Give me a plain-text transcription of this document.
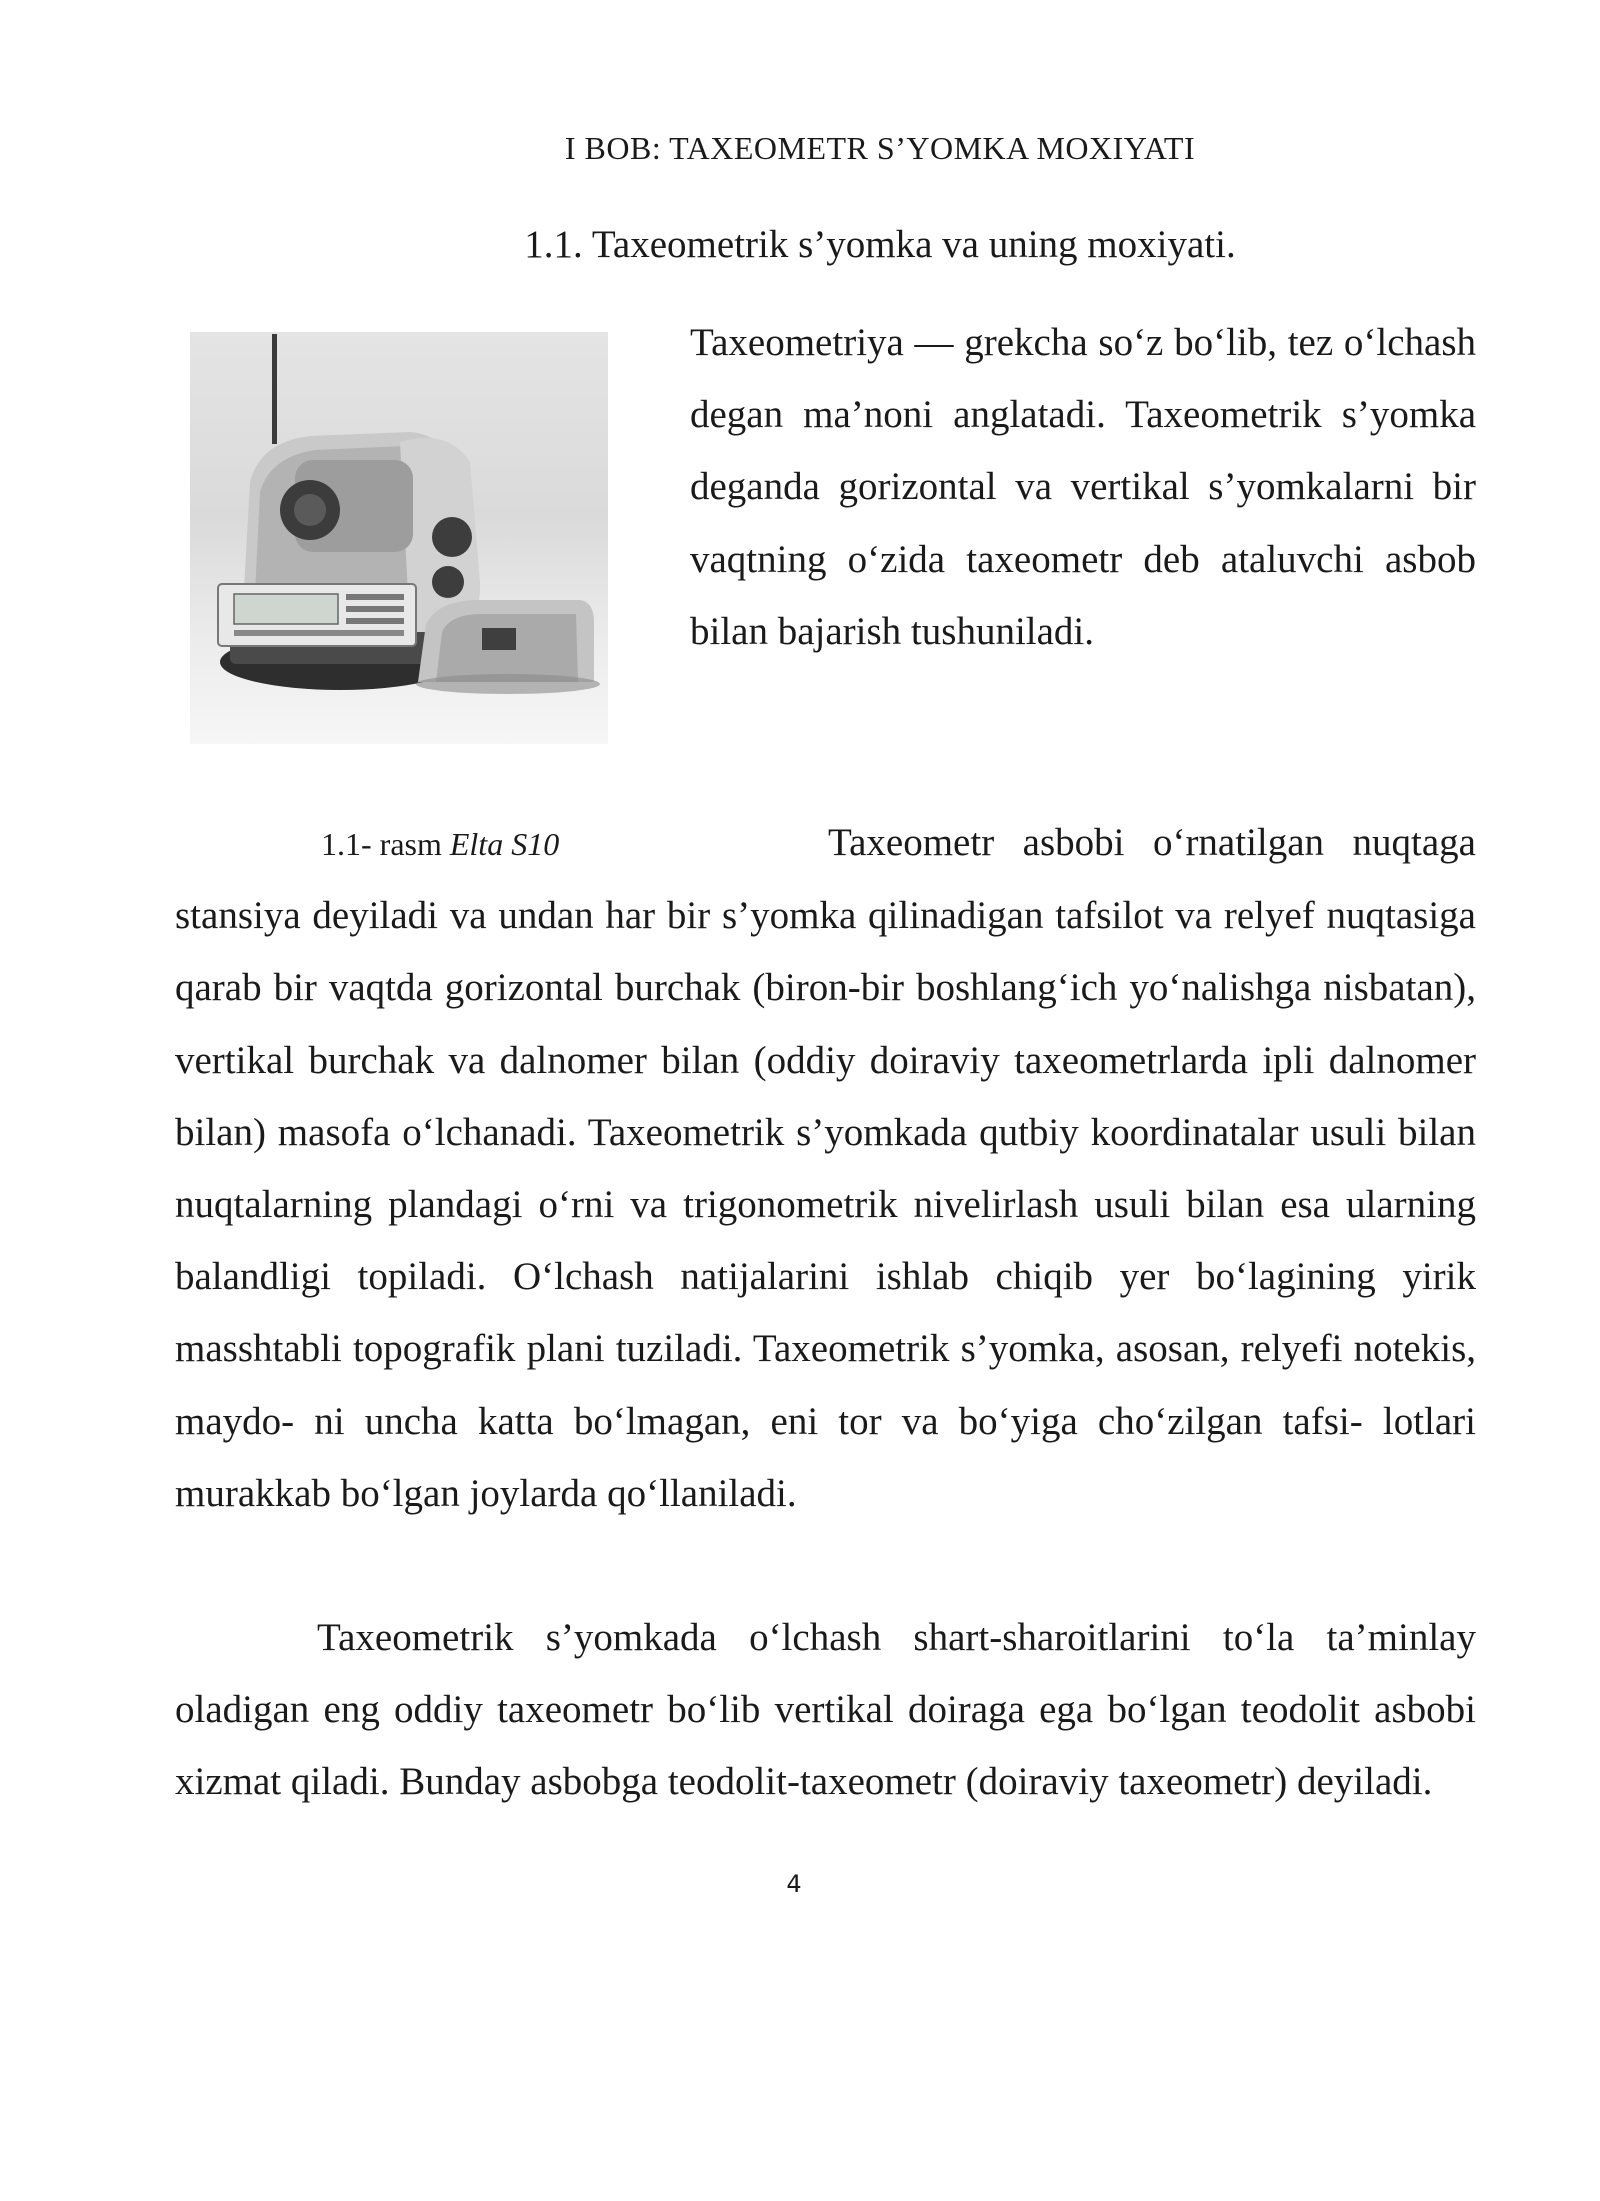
I BOB: TAXEOMETR S’YOMKA MOXIYATI
1.1. Taxeometrik s’yomka va uning moxiyati.

Taxeometriya — grekcha so‘z bo‘lib, tez o‘lchash degan ma’noni anglatadi. Taxeometrik s’yomka deganda gorizontal va vertikal s’yomkalarni bir vaqtning o‘zida taxeometr deb ataluvchi asbob bilan bajarish tushuniladi.

1.1- rasm Elta S10	Taxeometr asbobi o‘rnatilgan nuqtaga stansiya deyiladi va undan har bir s’yomka qilinadigan tafsilot va relyef nuqtasiga qarab bir vaqtda gorizontal burchak (biron-bir boshlang‘ich yo‘nalishga nisbatan), vertikal burchak va dalnomer bilan (oddiy doiraviy taxeometrlarda ipli dalnomer bilan) masofa o‘lchanadi. Taxeometrik s’yomkada qutbiy koordinatalar usuli bilan nuqtalarning plandagi o‘rni va trigonometrik nivelirlash usuli bilan esa ularning balandligi topiladi. O‘lchash natijalarini ishlab chiqib yer bo‘lagining yirik masshtabli topografik plani tuziladi. Taxeometrik s’yomka, asosan, relyefi notekis, maydo- ni uncha katta bo‘lmagan, eni tor va bo‘yiga cho‘zilgan tafsi- lotlari murakkab bo‘lgan joylarda qo‘llaniladi.

Taxeometrik s’yomkada o‘lchash shart-sharoitlarini to‘la ta’minlay oladigan eng oddiy taxeometr bo‘lib vertikal doiraga ega bo‘lgan teodolit asbobi xizmat qiladi. Bunday asbobga teodolit-taxeometr (doiraviy taxeometr) deyiladi.

4
